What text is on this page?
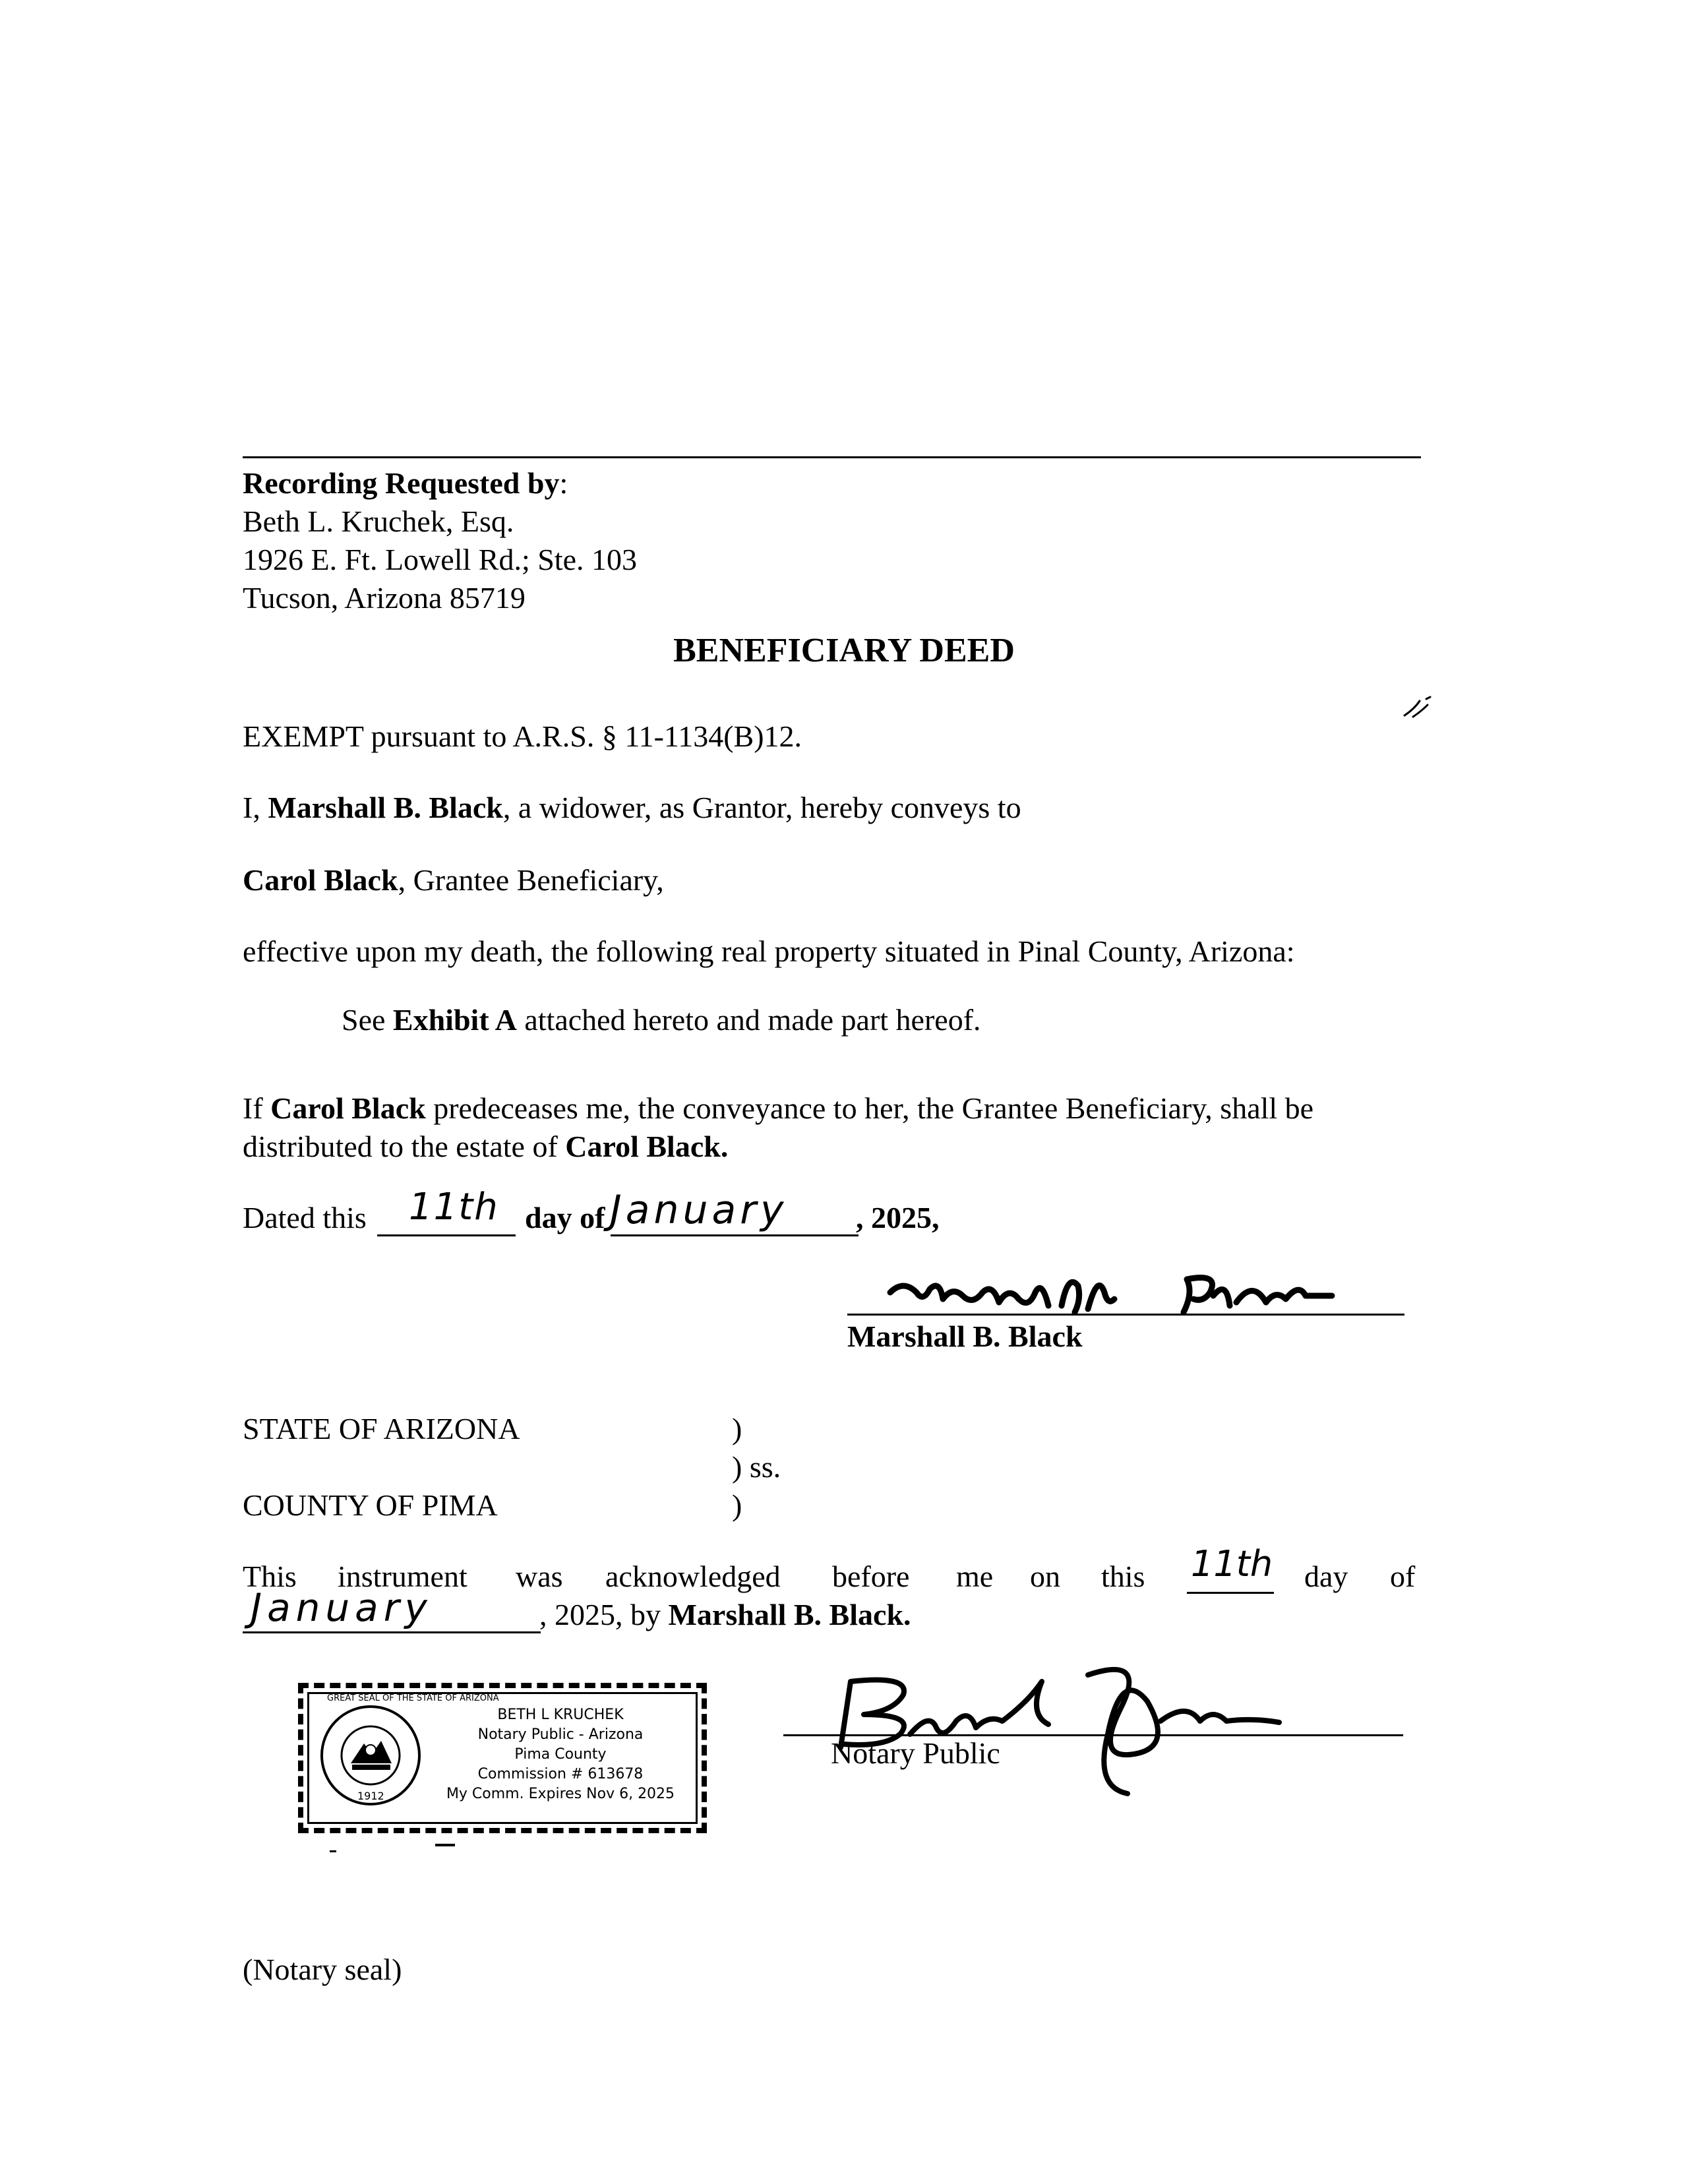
Recording Requested by:
Beth L. Kruchek, Esq.
1926 E. Ft. Lowell Rd.; Ste. 103
Tucson, Arizona 85719
BENEFICIARY DEED
EXEMPT pursuant to A.R.S. § 11-1134(B)12.
I, Marshall B. Black, a widower, as Grantor, hereby conveys to
Carol Black, Grantee Beneficiary,
effective upon my death, the following real property situated in Pinal County, Arizona:
See Exhibit A attached hereto and made part hereof.
If Carol Black predeceases me, the conveyance to her, the Grantee Beneficiary, shall be
distributed to the estate of Carol Black.
Dated this 11th day of January , 2025,
Marshall B. Black
STATE OF ARIZONA	)
) ss.
COUNTY OF PIMA	)
This instrument was acknowledged before me on this 11th day of
January	, 2025, by Marshall B. Black.
GREAT SEAL OF THE STATE OF ARIZONA
1912
BETH L KRUCHEK
Notary Public - Arizona
Pima County
Commission # 613678
My Comm. Expires Nov 6, 2025
Notary Public
(Notary seal)
